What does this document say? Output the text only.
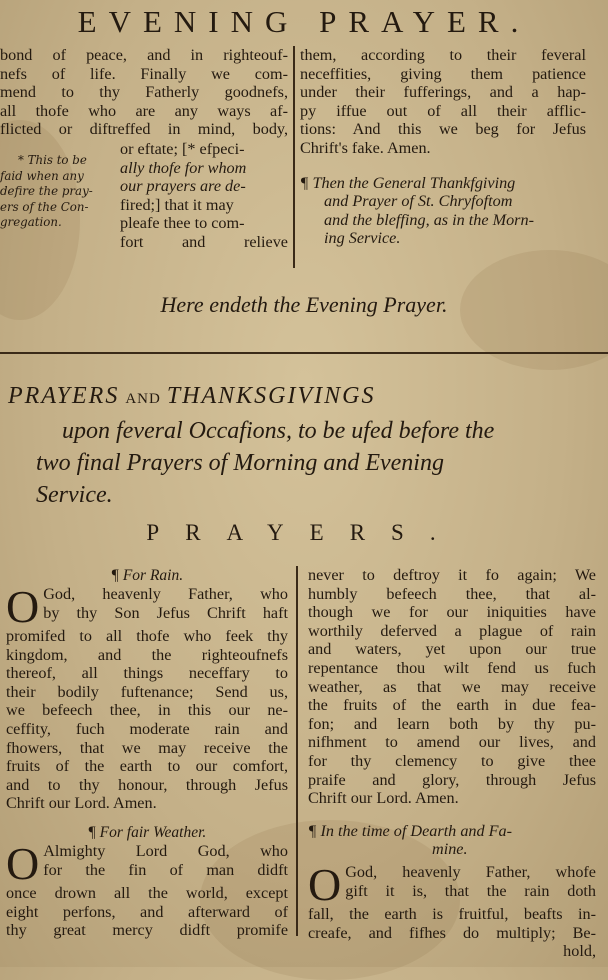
EVENING PRAYER.
bond of peace, and in righteouf-
nefs of life. Finally we com-
mend to thy Fatherly goodnefs,
all thofe who are any ways af-
flicted or diftreffed in mind, body,
* This to be
faid when any
defire the pray-
ers of the Con-
gregation.
or eftate; [* efpeci-
ally thofe for whom
our prayers are de-
fired;] that it may
pleafe thee to com-
fort and relieve
them, according to their feveral
neceffities, giving them patience
under their fufferings, and a hap-
py iffue out of all their afflic-
tions: And this we beg for Jefus
Chrift's fake. Amen.
¶ Then the General Thankfgiving
and Prayer of St. Chryfoftom
and the bleffing, as in the Morn-
ing Service.
Here endeth the Evening Prayer.
PRAYERS AND THANKSGIVINGS
upon feveral Occafions, to be ufed before the
two final Prayers of Morning and Evening
Service.
PRAYERS.
¶ For Rain.
O God, heavenly Father, who
by thy Son Jefus Chrift haft
promifed to all thofe who feek thy
kingdom, and the righteoufnefs
thereof, all things neceffary to
their bodily fuftenance; Send us,
we befeech thee, in this our ne-
ceffity, fuch moderate rain and
fhowers, that we may receive the
fruits of the earth to our comfort,
and to thy honour, through Jefus
Chrift our Lord. Amen.
¶ For fair Weather.
O Almighty Lord God, who
for the fin of man didft
once drown all the world, except
eight perfons, and afterward of
thy great mercy didft promife
never to deftroy it fo again; We
humbly befeech thee, that al-
though we for our iniquities have
worthily deferved a plague of rain
and waters, yet upon our true
repentance thou wilt fend us fuch
weather, as that we may receive
the fruits of the earth in due fea-
fon; and learn both by thy pu-
nifhment to amend our lives, and
for thy clemency to give thee
praife and glory, through Jefus
Chrift our Lord. Amen.
¶ In the time of Dearth and Fa-
mine.
O God, heavenly Father, whofe
gift it is, that the rain doth
fall, the earth is fruitful, beafts in-
creafe, and fifhes do multiply; Be-
hold,
